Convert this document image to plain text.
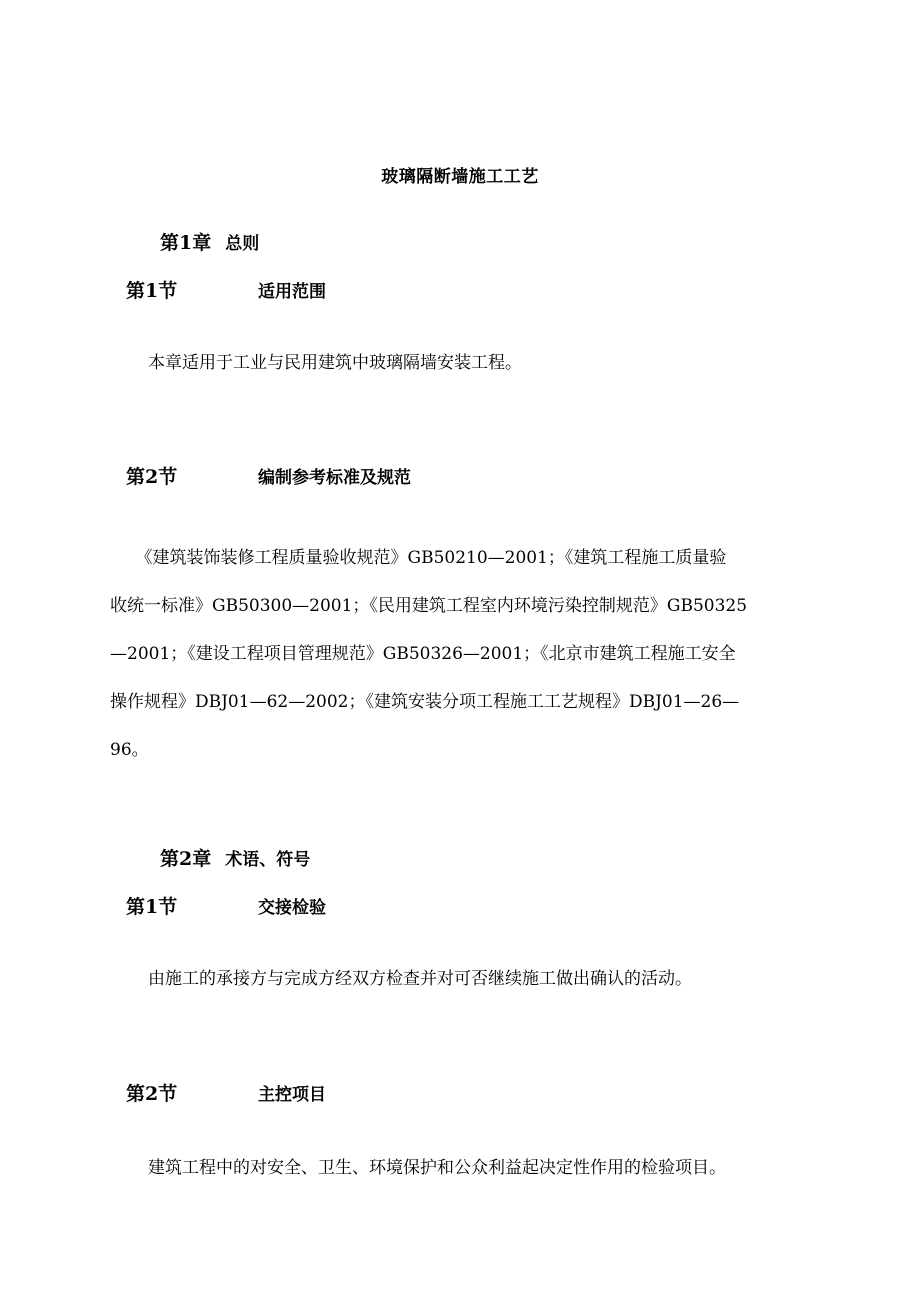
玻璃隔断墙施工工艺
第1章 总则
第1节	适用范围
本章适用于工业与民用建筑中玻璃隔墙安装工程。
第2节	编制参考标准及规范
　　《建筑装饰装修工程质量验收规范》GB50210—2001；《建筑工程施工质量验
收统一标准》GB50300—2001；《民用建筑工程室内环境污染控制规范》GB50325
—2001；《建设工程项目管理规范》GB50326—2001；《北京市建筑工程施工安全
操作规程》DBJ01—62—2002；《建筑安装分项工程施工工艺规程》DBJ01—26—
96。
第2章 术语、符号
第1节	交接检验
由施工的承接方与完成方经双方检查并对可否继续施工做出确认的活动。
第2节	主控项目
建筑工程中的对安全、卫生、环境保护和公众利益起决定性作用的检验项目。
